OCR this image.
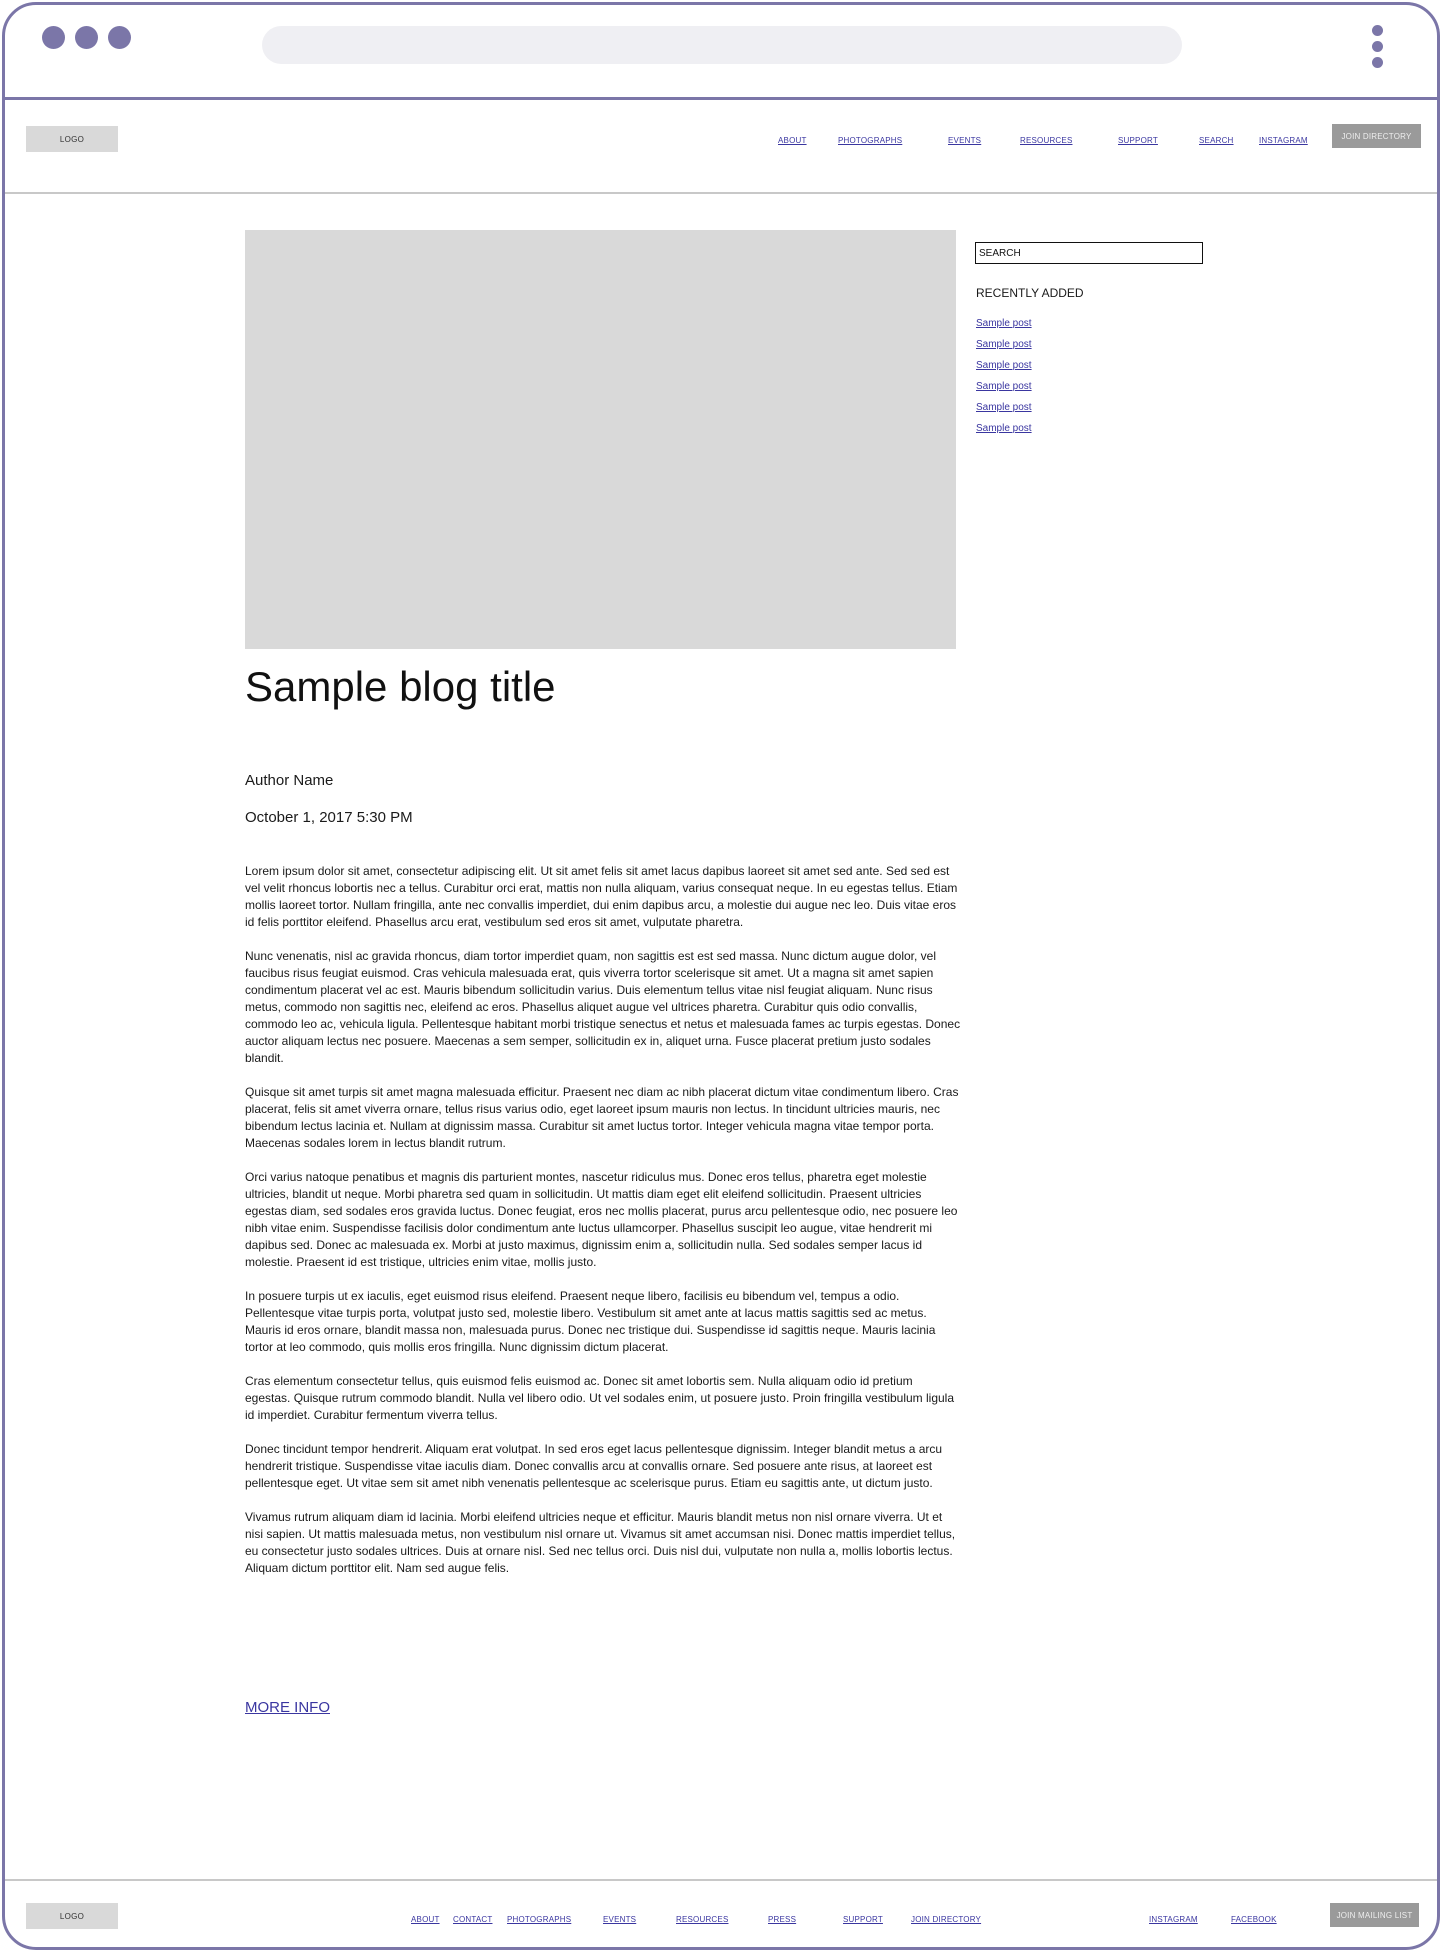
LOGO	ABOUT	PHOTOGRAPHS	EVENTS	RESOURCES	SUPPORT	SEARCH	INSTAGRAM	JOIN DIRECTORY
Sample blog title
Author Name
October 1, 2017 5:30 PM

Lorem ipsum dolor sit amet, consectetur adipiscing elit. Ut sit amet felis sit amet lacus dapibus laoreet sit amet sed ante. Sed sed est vel velit rhoncus lobortis nec a tellus. Curabitur orci erat, mattis non nulla aliquam, varius consequat neque. In eu egestas tellus. Etiam mollis laoreet tortor. Nullam fringilla, ante nec convallis imperdiet, dui enim dapibus arcu, a molestie dui augue nec leo. Duis vitae eros id felis porttitor eleifend. Phasellus arcu erat, vestibulum sed eros sit amet, vulputate pharetra.

Nunc venenatis, nisl ac gravida rhoncus, diam tortor imperdiet quam, non sagittis est est sed massa. Nunc dictum augue dolor, vel faucibus risus feugiat euismod. Cras vehicula malesuada erat, quis viverra tortor scelerisque sit amet. Ut a magna sit amet sapien condimentum placerat vel ac est. Mauris bibendum sollicitudin varius. Duis elementum tellus vitae nisl feugiat aliquam. Nunc risus metus, commodo non sagittis nec, eleifend ac eros. Phasellus aliquet augue vel ultrices pharetra. Curabitur quis odio convallis, commodo leo ac, vehicula ligula. Pellentesque habitant morbi tristique senectus et netus et malesuada fames ac turpis egestas. Donec auctor aliquam lectus nec posuere. Maecenas a sem semper, sollicitudin ex in, aliquet urna. Fusce placerat pretium justo sodales blandit.

Quisque sit amet turpis sit amet magna malesuada efficitur. Praesent nec diam ac nibh placerat dictum vitae condimentum libero. Cras placerat, felis sit amet viverra ornare, tellus risus varius odio, eget laoreet ipsum mauris non lectus. In tincidunt ultricies mauris, nec bibendum lectus lacinia et. Nullam at dignissim massa. Curabitur sit amet luctus tortor. Integer vehicula magna vitae tempor porta. Maecenas sodales lorem in lectus blandit rutrum.

Orci varius natoque penatibus et magnis dis parturient montes, nascetur ridiculus mus. Donec eros tellus, pharetra eget molestie ultricies, blandit ut neque. Morbi pharetra sed quam in sollicitudin. Ut mattis diam eget elit eleifend sollicitudin. Praesent ultricies egestas diam, sed sodales eros gravida luctus. Donec feugiat, eros nec mollis placerat, purus arcu pellentesque odio, nec posuere leo nibh vitae enim. Suspendisse facilisis dolor condimentum ante luctus ullamcorper. Phasellus suscipit leo augue, vitae hendrerit mi dapibus sed. Donec ac malesuada ex. Morbi at justo maximus, dignissim enim a, sollicitudin nulla. Sed sodales semper lacus id molestie. Praesent id est tristique, ultricies enim vitae, mollis justo.

In posuere turpis ut ex iaculis, eget euismod risus eleifend. Praesent neque libero, facilisis eu bibendum vel, tempus a odio. Pellentesque vitae turpis porta, volutpat justo sed, molestie libero. Vestibulum sit amet ante at lacus mattis sagittis sed ac metus. Mauris id eros ornare, blandit massa non, malesuada purus. Donec nec tristique dui. Suspendisse id sagittis neque. Mauris lacinia tortor at leo commodo, quis mollis eros fringilla. Nunc dignissim dictum placerat.

Cras elementum consectetur tellus, quis euismod felis euismod ac. Donec sit amet lobortis sem. Nulla aliquam odio id pretium egestas. Quisque rutrum commodo blandit. Nulla vel libero odio. Ut vel sodales enim, ut posuere justo. Proin fringilla vestibulum ligula id imperdiet. Curabitur fermentum viverra tellus.

Donec tincidunt tempor hendrerit. Aliquam erat volutpat. In sed eros eget lacus pellentesque dignissim. Integer blandit metus a arcu hendrerit tristique. Suspendisse vitae iaculis diam. Donec convallis arcu at convallis ornare. Sed posuere ante risus, at laoreet est pellentesque eget. Ut vitae sem sit amet nibh venenatis pellentesque ac scelerisque purus. Etiam eu sagittis ante, ut dictum justo.

Vivamus rutrum aliquam diam id lacinia. Morbi eleifend ultricies neque et efficitur. Mauris blandit metus non nisl ornare viverra. Ut et nisi sapien. Ut mattis malesuada metus, non vestibulum nisl ornare ut. Vivamus sit amet accumsan nisi. Donec mattis imperdiet tellus, eu consectetur justo sodales ultrices. Duis at ornare nisl. Sed nec tellus orci. Duis nisl dui, vulputate non nulla a, mollis lobortis lectus. Aliquam dictum porttitor elit. Nam sed augue felis.

MORE INFO
SEARCH
RECENTLY ADDED
Sample post
Sample post
Sample post
Sample post
Sample post
Sample post
LOGO	ABOUT CONTACT PHOTOGRAPHS	EVENTS	RESOURCES	PRESS	SUPPORT	JOIN DIRECTORY	INSTAGRAM	FACEBOOK	JOIN MAILING LIST
